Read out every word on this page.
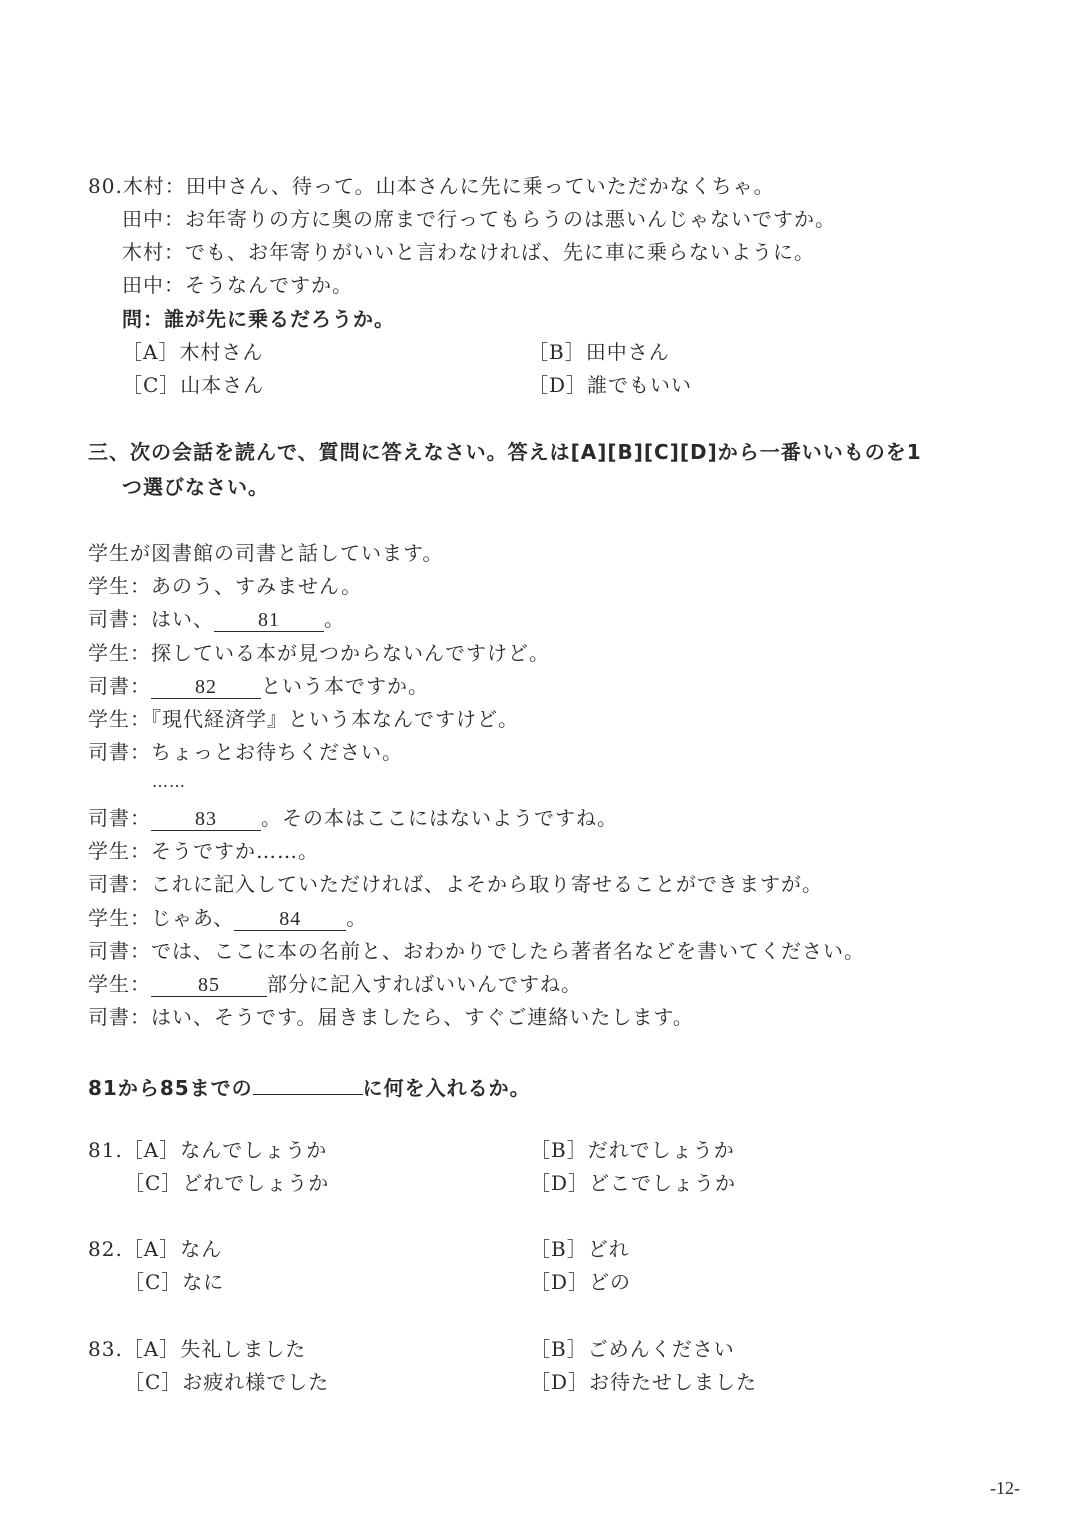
80.木村：田中さん、待って。山本さんに先に乗っていただかなくちゃ。
田中：お年寄りの方に奥の席まで行ってもらうのは悪いんじゃないですか。
木村：でも、お年寄りがいいと言わなければ、先に車に乗らないように。
田中：そうなんですか。
問：誰が先に乗るだろうか。
［A］木村さん	［B］田中さん
［C］山本さん	［D］誰でもいい
三、次の会話を読んで、質問に答えなさい。答えは[A][B][C][D]から一番いいものを1
つ選びなさい。
学生が図書館の司書と話しています。
学生：あのう、すみません。
司書：はい、 81 。
学生：探している本が見つからないんですけど。
司書： 82 という本ですか。
学生：『現代経済学』という本なんですけど。
司書：ちょっとお待ちください。
……
司書： 83 。その本はここにはないようですね。
学生：そうですか……。
司書：これに記入していただければ、よそから取り寄せることができますが。
学生：じゃあ、 84 。
司書：では、ここに本の名前と、おわかりでしたら著者名などを書いてください。
学生： 85 部分に記入すればいいんですね。
司書：はい、そうです。届きましたら、すぐご連絡いたします。
81から85までの	に何を入れるか。
81.［A］なんでしょうか	［B］だれでしょうか
［C］どれでしょうか	［D］どこでしょうか
82.［A］なん	［B］どれ
［C］なに	［D］どの
83.［A］失礼しました	［B］ごめんください
［C］お疲れ様でした	［D］お待たせしました
-12-
